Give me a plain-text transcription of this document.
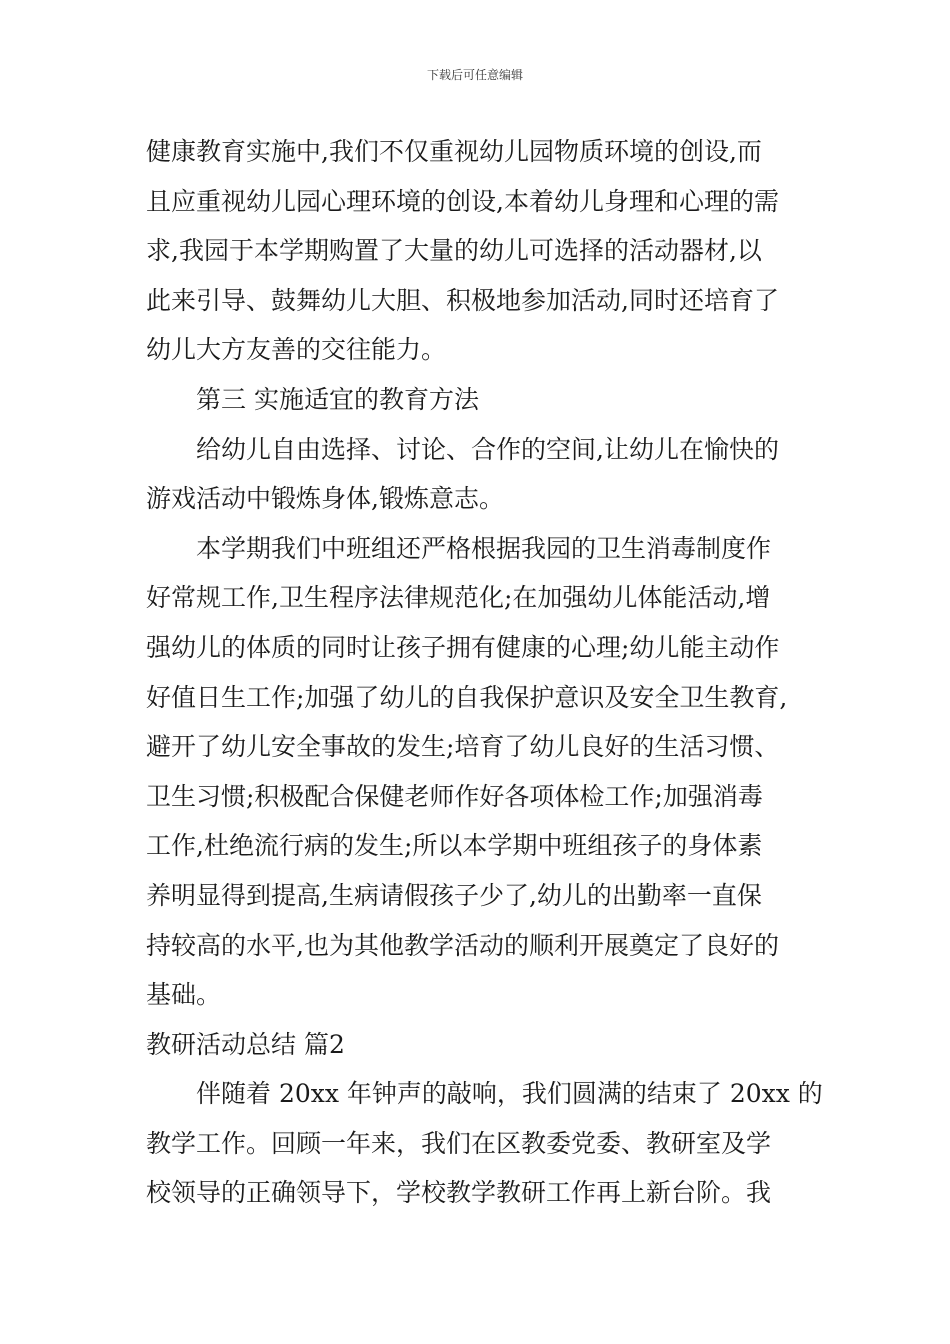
下载后可任意编辑
健康教育实施中,我们不仅重视幼儿园物质环境的创设,而
且应重视幼儿园心理环境的创设,本着幼儿身理和心理的需
求,我园于本学期购置了大量的幼儿可选择的活动器材,以
此来引导、鼓舞幼儿大胆、积极地参加活动,同时还培育了
幼儿大方友善的交往能力。
第三 实施适宜的教育方法
给幼儿自由选择、讨论、合作的空间,让幼儿在愉快的
游戏活动中锻炼身体,锻炼意志。
本学期我们中班组还严格根据我园的卫生消毒制度作
好常规工作,卫生程序法律规范化;在加强幼儿体能活动,增
强幼儿的体质的同时让孩子拥有健康的心理;幼儿能主动作
好值日生工作;加强了幼儿的自我保护意识及安全卫生教育,
避开了幼儿安全事故的发生;培育了幼儿良好的生活习惯、
卫生习惯;积极配合保健老师作好各项体检工作;加强消毒
工作,杜绝流行病的发生;所以本学期中班组孩子的身体素
养明显得到提高,生病请假孩子少了,幼儿的出勤率一直保
持较高的水平,也为其他教学活动的顺利开展奠定了良好的
基础。
教研活动总结 篇2
伴随着 20xx 年钟声的敲响，我们圆满的结束了 20xx 的
教学工作。回顾一年来，我们在区教委党委、教研室及学
校领导的正确领导下，学校教学教研工作再上新台阶。我
